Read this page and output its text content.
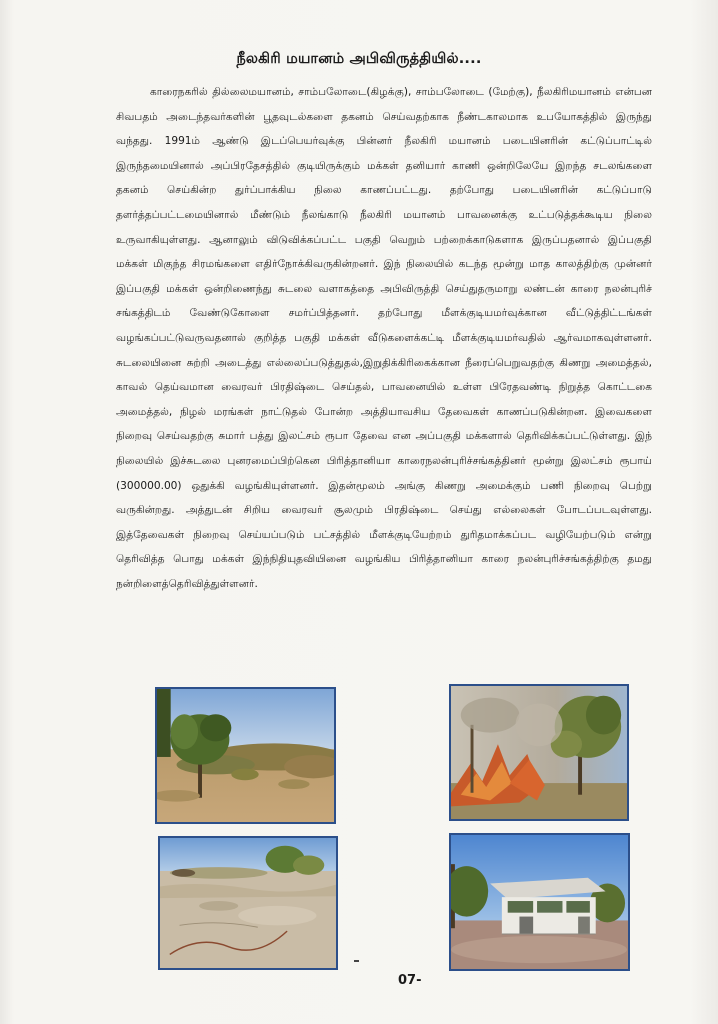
நீலகிரி மயானம் அபிவிருத்தியில்....

காரைநகரில் தில்லைமயானம், சாம்பலோடை(கிழக்கு), சாம்பலோடை (மேற்கு), நீலகிரிமயானம் என்பன சிவபதம் அடைந்தவர்களின் பூதவுடல்களை தகனம் செய்வதற்காக நீண்டகாலமாக உபயோகத்தில் இருந்து வந்தது. 1991ம் ஆண்டு இடப்பெயர்வுக்கு பின்னர் நீலகிரி மயானம் படையினரின் கட்டுப்பாட்டில் இருந்தமையினால் அப்பிரதேசத்தில் குடியிருக்கும் மக்கள் தனியார் காணி ஒன்றிலேயே இறந்த சடலங்களை தகனம் செய்கின்ற துர்ப்பாக்கிய நிலை காணப்பட்டது. தற்போது படையினரின் கட்டுப்பாடு தளர்த்தப்பட்டமையினால் மீண்டும் நீலங்காடு நீலகிரி மயானம் பாவனைக்கு உட்படுத்தக்கூடிய நிலை உருவாகியுள்ளது. ஆனாலும் விடுவிக்கப்பட்ட பகுதி வெறும் பற்றைக்காடுகளாக இருப்பதனால் இப்பகுதி மக்கள் மிகுந்த சிரமங்களை எதிர்நோக்கிவருகின்றனர். இந் நிலையில் கடந்த மூன்று மாத காலத்திற்கு முன்னர் இப்பகுதி மக்கள் ஒன்றிணைந்து சுடலை வளாகத்தை அபிவிருத்தி செய்துதருமாறு லண்டன் காரை நலன்புரிச் சங்கத்திடம் வேண்டுகோளை சமர்ப்பித்தனர். தற்போது மீளக்குடியமர்வுக்கான வீட்டுத்திட்டங்கள் வழங்கப்பட்டுவருவதனால் குறித்த பகுதி மக்கள் வீடுகளைக்கட்டி மீளக்குடியமர்வதில் ஆர்வமாகவுள்ளனர். சுடலையினை சுற்றி அடைத்து எல்லைப்படுத்துதல்,இறுதிக்கிரிகைக்கான நீரைப்பெறுவதற்கு கிணறு அமைத்தல், காவல் தெய்வமான வைரவர் பிரதிஷ்டை செய்தல், பாவனையில் உள்ள பிரேதவண்டி நிறுத்த கொட்டகை அமைத்தல், நிழல் மரங்கள் நாட்டுதல் போன்ற அத்தியாவசிய தேவைகள் காணப்படுகின்றன. இவைகளை நிறைவு செய்வதற்கு சுமார் பத்து இலட்சம் ரூபா தேவை என அப்பகுதி மக்களால் தெரிவிக்கப்பட்டுள்ளது. இந் நிலையில் இச்சுடலை புனரமைப்பிற்கென பிரித்தானியா காரைநலன்புரிச்சங்கத்தினர் மூன்று இலட்சம் ரூபாய் (300000.00) ஒதுக்கி வழங்கியுள்ளனர். இதன்மூலம் அங்கு கிணறு அமைக்கும் பணி நிறைவு பெற்று வருகின்றது. அத்துடன் சிறிய வைரவர் சூலமும் பிரதிஷ்டை செய்து எல்லைகள் போடப்படவுள்ளது. இத்தேவைகள் நிறைவு செய்யப்படும் பட்சத்தில் மீளக்குடியேற்றம் துரிதமாக்கப்பட வழியேற்படும் என்று தெரிவித்த பொது மக்கள் இந்நிதியுதவியினை வழங்கிய பிரித்தானியா காரை நலன்புரிச்சங்கத்திற்கு தமது நன்றிளைத்தெரிவித்துள்ளனர்.

07-
